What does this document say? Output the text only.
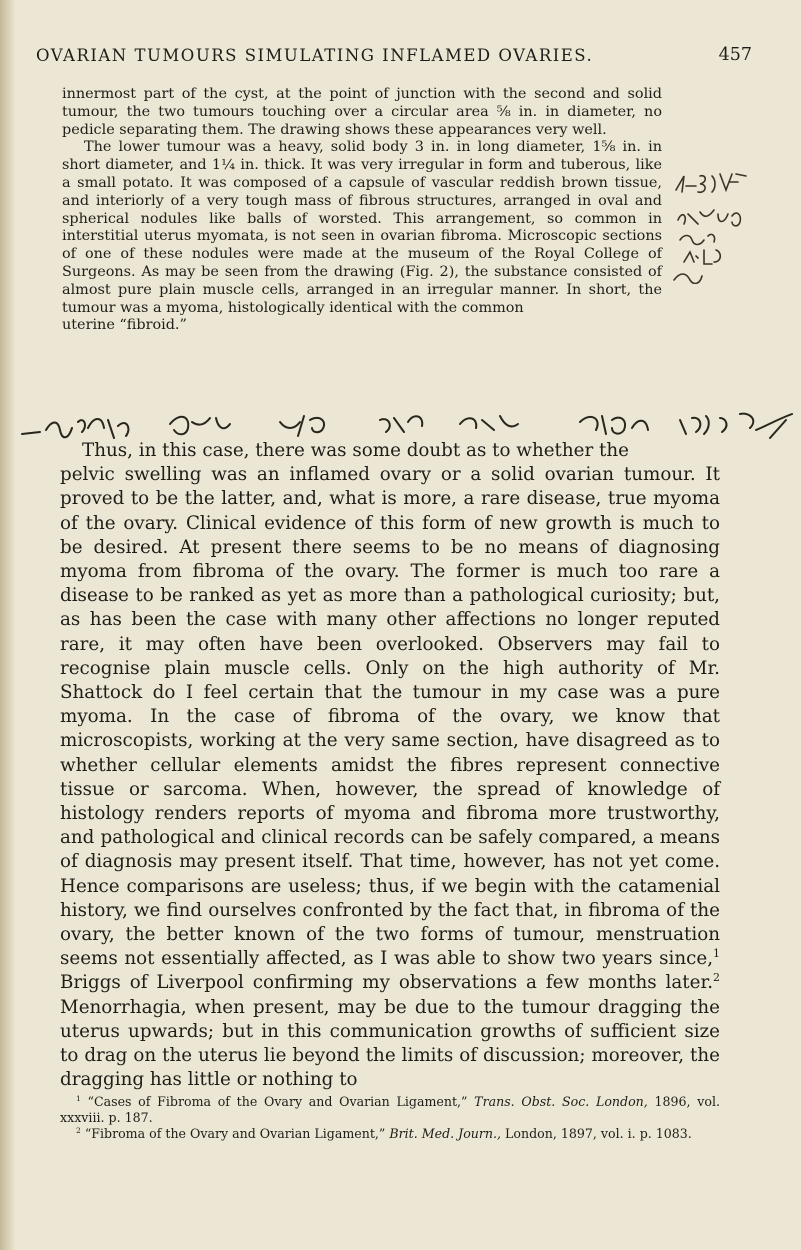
OVARIAN TUMOURS SIMULATING INFLAMED OVARIES.	457

innermost part of the cyst, at the point of junction with the second and solid tumour, the two tumours touching over a circular area ⅝ in. in diameter, no pedicle separating them. The drawing shows these appearances very well.

The lower tumour was a heavy, solid body 3 in. in long diameter, 1⅝ in. in short diameter, and 1¼ in. thick. It was very irregular in form and tuberous, like a small potato. It was composed of a capsule of vascular reddish brown tissue, and interiorly of a very tough mass of fibrous structures, arranged in oval and spherical nodules like balls of worsted. This arrangement, so common in interstitial uterus myomata, is not seen in ovarian fibroma. Microscopic sections of one of these nodules were made at the museum of the Royal College of Surgeons. As may be seen from the drawing (Fig. 2), the substance consisted of almost pure plain muscle cells, arranged in an irregular manner. In short, the tumour was a myoma, histologically identical with the common

uterine “fibroid.”

Thus, in this case, there was some doubt as to whether the

pelvic swelling was an inflamed ovary or a solid ovarian tumour. It proved to be the latter, and, what is more, a rare disease, true myoma of the ovary. Clinical evidence of this form of new growth is much to be desired. At present there seems to be no means of diagnosing myoma from fibroma of the ovary. The former is much too rare a disease to be ranked as yet as more than a pathological curiosity; but, as has been the case with many other affections no longer reputed rare, it may often have been overlooked. Observers may fail to recognise plain muscle cells. Only on the high authority of Mr. Shattock do I feel certain that the tumour in my case was a pure myoma. In the case of fibroma of the ovary, we know that microscopists, working at the very same section, have disagreed as to whether cellular elements amidst the fibres represent connective tissue or sarcoma. When, however, the spread of knowledge of histology renders reports of myoma and fibroma more trustworthy, and pathological and clinical records can be safely compared, a means of diagnosis may present itself. That time, however, has not yet come. Hence comparisons are useless; thus, if we begin with the catamenial history, we find ourselves confronted by the fact that, in fibroma of the ovary, the better known of the two forms of tumour, menstruation seems not essentially affected, as I was able to show two years since,$^1$ Briggs of Liverpool confirming my observations a few months later.$^2$ Menorrhagia, when present, may be due to the tumour dragging the uterus upwards; but in this communication growths of sufficient size to drag on the uterus lie beyond the limits of discussion; moreover, the dragging has little or nothing to

$^1$ “Cases of Fibroma of the Ovary and Ovarian Ligament,” Trans. Obst. Soc. London, 1896, vol. xxxviii. p. 187.

$^2$ “Fibroma of the Ovary and Ovarian Ligament,” Brit. Med. Journ., London, 1897, vol. i. p. 1083.
